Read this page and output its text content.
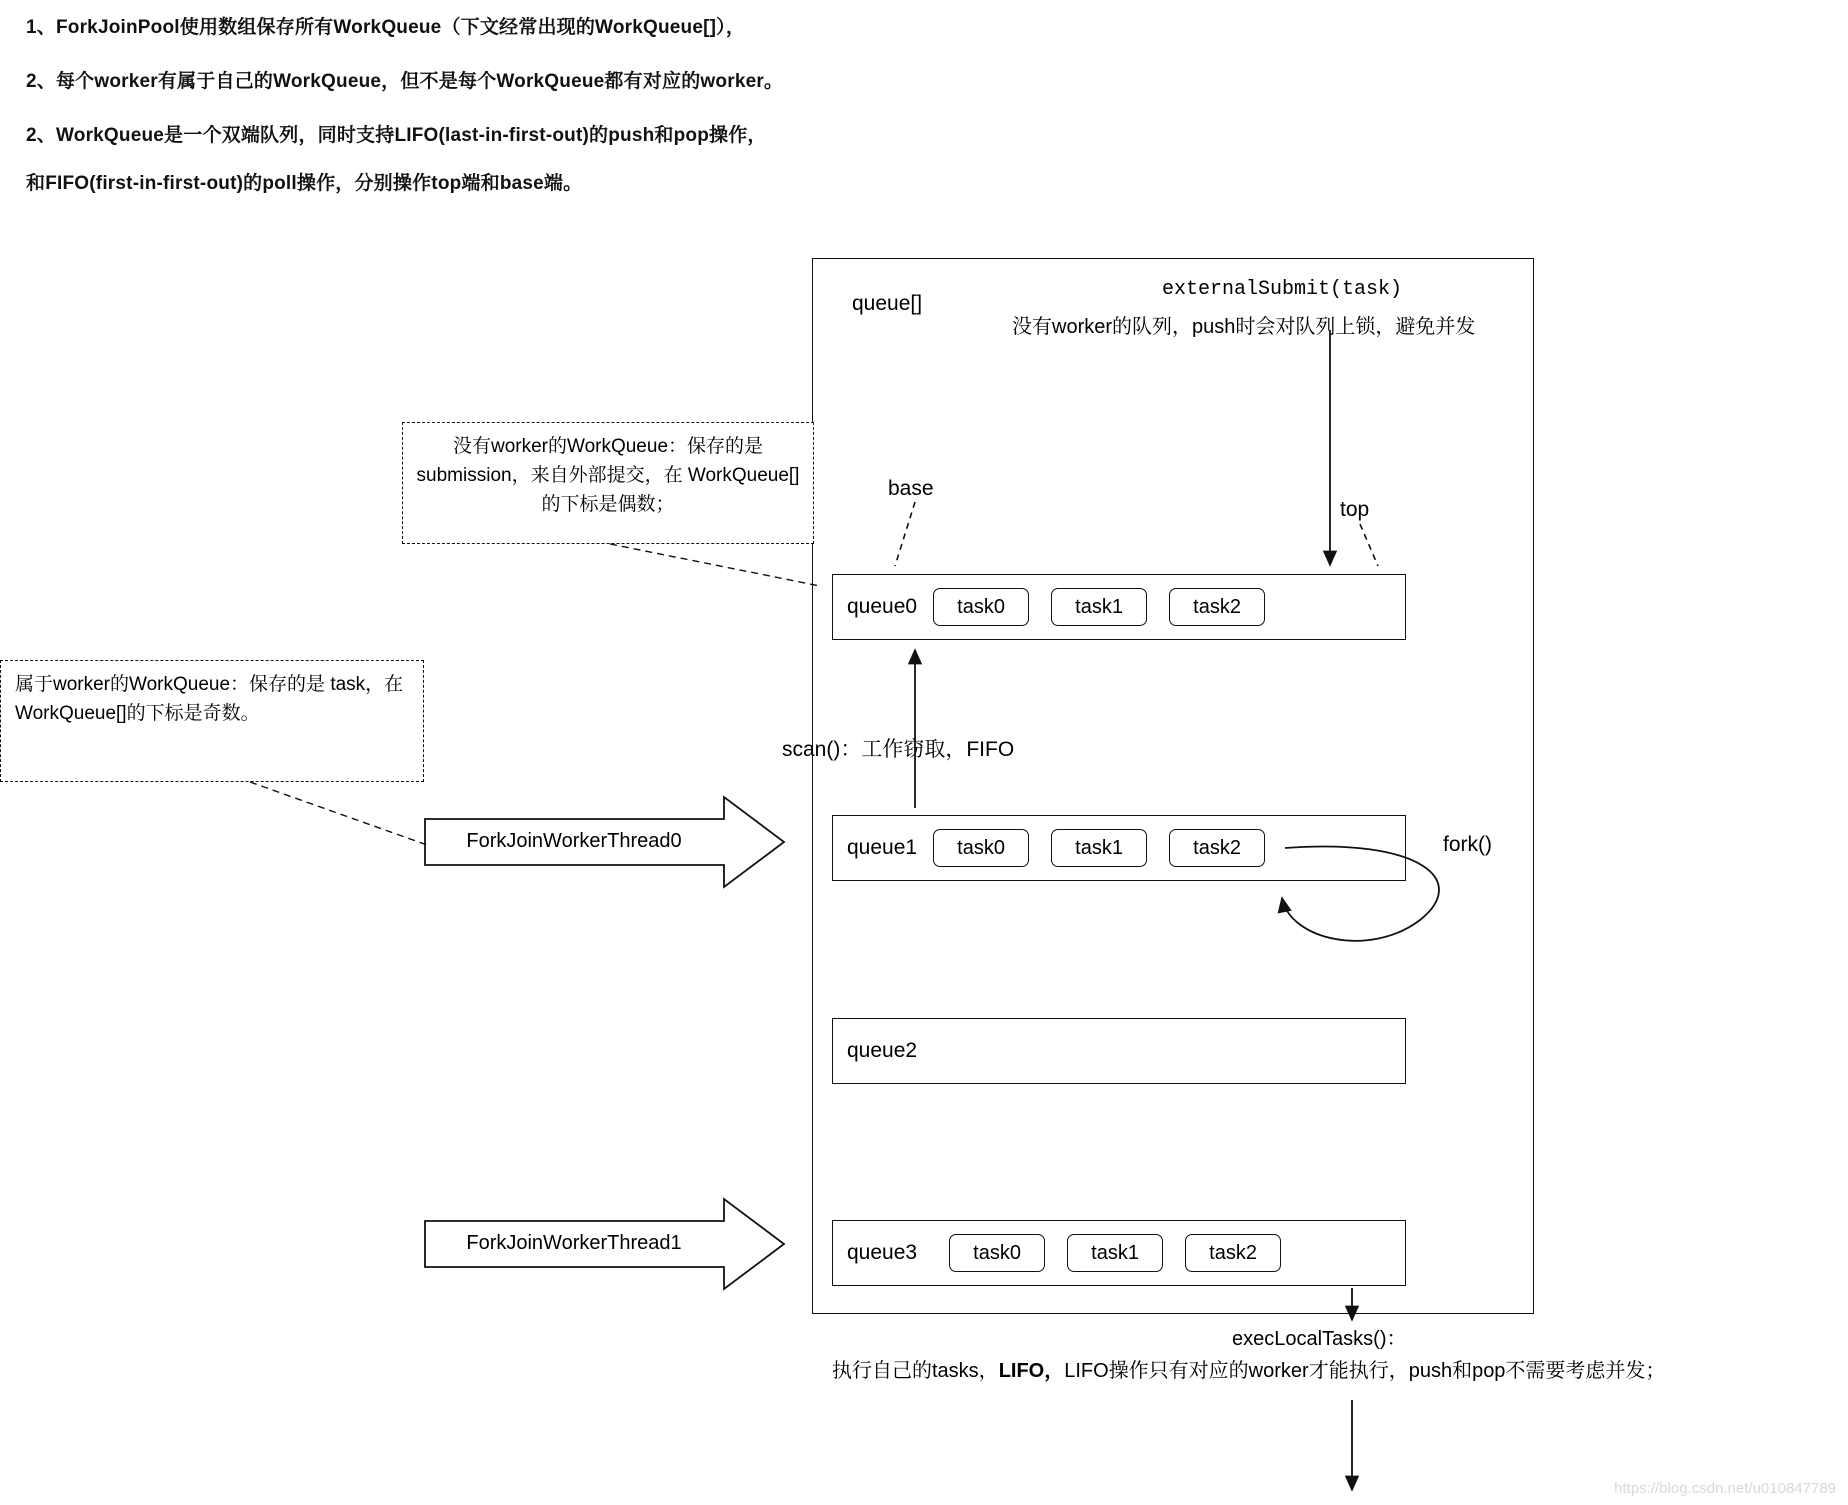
1、ForkJoinPool使用数组保存所有WorkQueue（下文经常出现的WorkQueue[]），
2、每个worker有属于自己的WorkQueue，但不是每个WorkQueue都有对应的worker。
2、WorkQueue是一个双端队列，同时支持LIFO(last-in-first-out)的push和pop操作，
和FIFO(first-in-first-out)的poll操作，分别操作top端和base端。
queue[]
externalSubmit(task)
没有worker的队列，push时会对队列上锁，避免并发
base
top
没有worker的WorkQueue：保存的是 submission，来自外部提交，在 WorkQueue[]的下标是偶数；
属于worker的WorkQueue：保存的是 task，在WorkQueue[]的下标是奇数。
scan()：工作窃取，FIFO
fork()
queue0	task0	task1	task2
queue1	task0	task1	task2
queue2
queue3	task0	task1	task2
ForkJoinWorkerThread0
ForkJoinWorkerThread1
execLocalTasks()：
执行自己的tasks，LIFO，LIFO操作只有对应的worker才能执行，push和pop不需要考虑并发；
https://blog.csdn.net/u010847789
